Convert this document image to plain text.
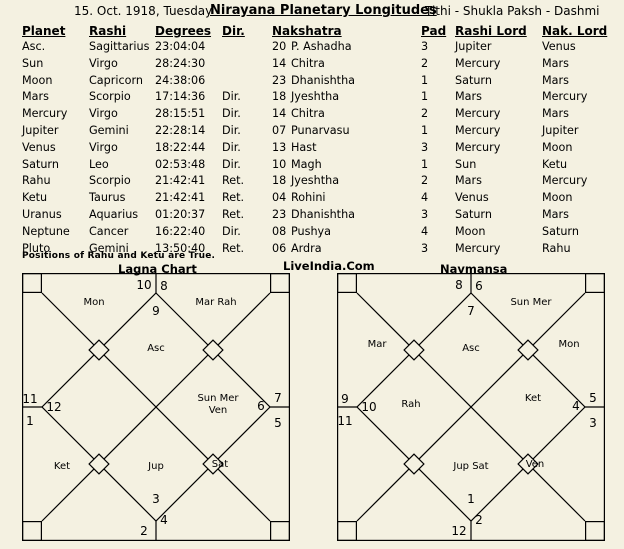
15. Oct. 1918, Tuesday
Nirayana Planetary Longitudes
Tithi - Shukla Paksh - Dashmi
Planet Rashi Degrees Dir. Nakshatra	Pad Rashi Lord Nak. Lord
Asc.	Sagittarius 23:04:04	20 P. Ashadha	3 Jupiter	Venus
Sun	Virgo	28:24:30	14 Chitra	2 Mercury	Mars
Moon	Capricorn 24:38:06	23 Dhanishtha	1 Saturn	Mars
Mars	Scorpio 17:14:36 Dir.	18 Jyeshtha	1 Mars	Mercury
Mercury Virgo	28:15:51 Dir.	14 Chitra	2 Mercury	Mars
Jupiter	Gemini 22:28:14 Dir.	07 Punarvasu	1 Mercury	Jupiter
Venus	Virgo	18:22:44 Dir.	13 Hast	3 Mercury	Moon
Saturn	Leo	02:53:48 Dir.	10 Magh	1 Sun	Ketu
Rahu	Scorpio 21:42:41 Ret. 18 Jyeshtha	2 Mars	Mercury
Ketu	Taurus	21:42:41 Ret. 04 Rohini	4 Venus	Moon
Uranus Aquarius 01:20:37 Ret. 23 Dhanishtha	3 Saturn	Mars
Neptune Cancer 16:22:40 Dir.	08 Pushya	4 Moon	Saturn
Pluto	Gemini 13:50:40 Ret. 06 Ardra	3 Mercury	Rahu
Positions of Rahu and Ketu are True.
Lagna Chart	LiveIndia.Com	Navmansa
9
Asc
8
Mar Rah
7
6
Sun Mer
Ven
5
4
Sat
3
Jup
2
1
Ket
12
11
10
Mon
7
Asc
6
Sun Mer
5
Mon
4
Ket
3
2
Ven
1
Jup Sat
12
11
10 Rah
9
Mar
8
